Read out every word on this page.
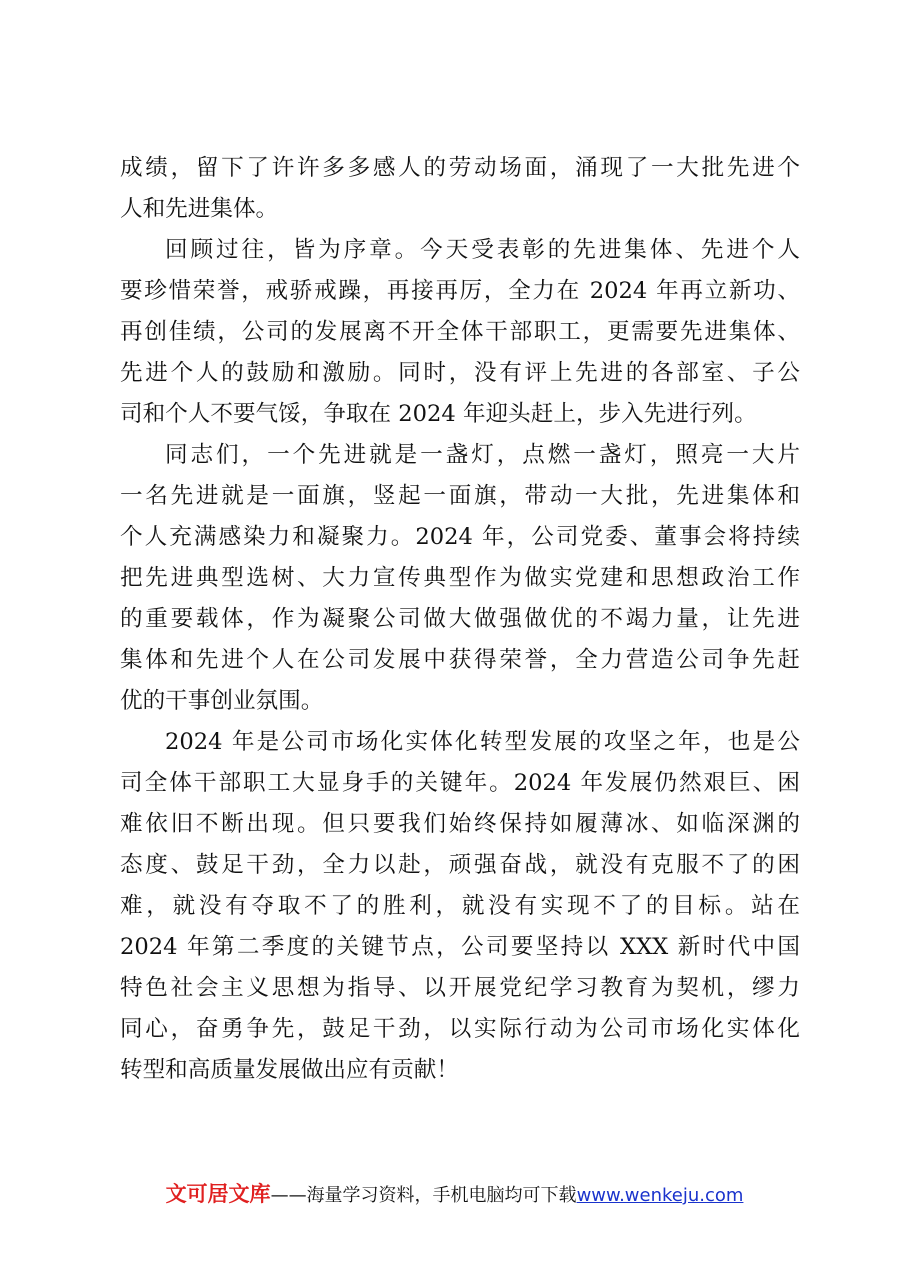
成绩，留下了许许多多感人的劳动场面，涌现了一大批先进个
人和先进集体。
回顾过往，皆为序章。今天受表彰的先进集体、先进个人
要珍惜荣誉，戒骄戒躁，再接再厉，全力在 2024 年再立新功、
再创佳绩，公司的发展离不开全体干部职工，更需要先进集体、
先进个人的鼓励和激励。同时，没有评上先进的各部室、子公
司和个人不要气馁，争取在 2024 年迎头赶上，步入先进行列。
同志们，一个先进就是一盏灯，点燃一盏灯，照亮一大片
一名先进就是一面旗，竖起一面旗，带动一大批，先进集体和
个人充满感染力和凝聚力。2024 年，公司党委、董事会将持续
把先进典型选树、大力宣传典型作为做实党建和思想政治工作
的重要载体，作为凝聚公司做大做强做优的不竭力量，让先进
集体和先进个人在公司发展中获得荣誉，全力营造公司争先赶
优的干事创业氛围。
2024 年是公司市场化实体化转型发展的攻坚之年，也是公
司全体干部职工大显身手的关键年。2024 年发展仍然艰巨、困
难依旧不断出现。但只要我们始终保持如履薄冰、如临深渊的
态度、鼓足干劲，全力以赴，顽强奋战，就没有克服不了的困
难，就没有夺取不了的胜利，就没有实现不了的目标。站在
2024 年第二季度的关键节点，公司要坚持以 XXX 新时代中国
特色社会主义思想为指导、以开展党纪学习教育为契机，缪力
同心，奋勇争先，鼓足干劲，以实际行动为公司市场化实体化
转型和高质量发展做出应有贡献！
文可居文库——海量学习资料，手机电脑均可下载www.wenkeju.com
